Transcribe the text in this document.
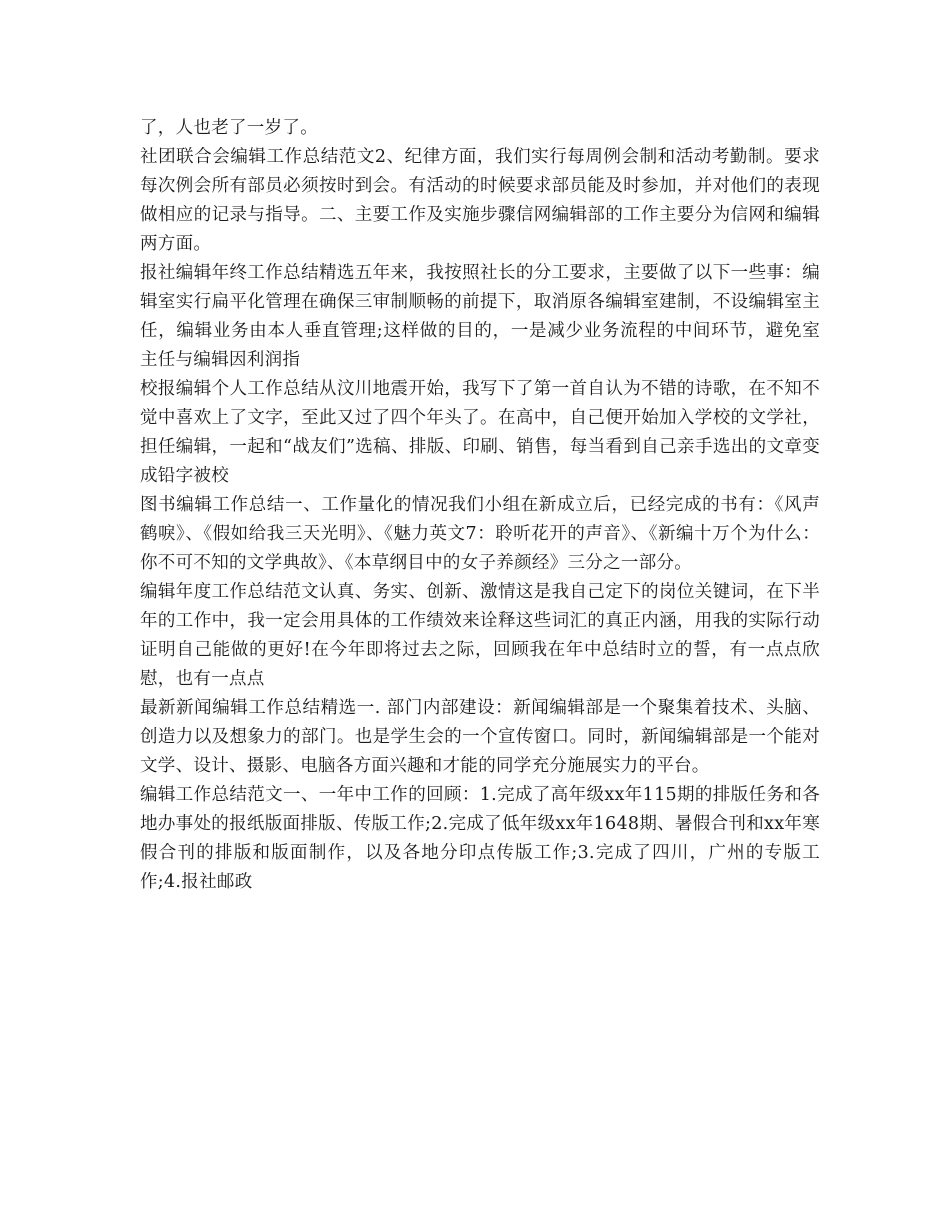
了，人也老了一岁了。

社团联合会编辑工作总结范文2、纪律方面，我们实行每周例会制和活动考勤制。要求每次例会所有部员必须按时到会。有活动的时候要求部员能及时参加，并对他们的表现做相应的记录与指导。二、主要工作及实施步骤信网编辑部的工作主要分为信网和编辑两方面。

报社编辑年终工作总结精选五年来，我按照社长的分工要求，主要做了以下一些事：编辑室实行扁平化管理在确保三审制顺畅的前提下，取消原各编辑室建制，不设编辑室主任，编辑业务由本人垂直管理;这样做的目的，一是减少业务流程的中间环节，避免室主任与编辑因利润指

校报编辑个人工作总结从汶川地震开始，我写下了第一首自认为不错的诗歌，在不知不觉中喜欢上了文字，至此又过了四个年头了。在高中，自己便开始加入学校的文学社，担任编辑，一起和“战友们”选稿、排版、印刷、销售，每当看到自己亲手选出的文章变成铅字被校

图书编辑工作总结一、工作量化的情况我们小组在新成立后，已经完成的书有：《风声鹤唳》、《假如给我三天光明》、《魅力英文7：聆听花开的声音》、《新编十万个为什么：你不可不知的文学典故》、《本草纲目中的女子养颜经》三分之一部分。

编辑年度工作总结范文认真、务实、创新、激情这是我自己定下的岗位关键词，在下半年的工作中，我一定会用具体的工作绩效来诠释这些词汇的真正内涵，用我的实际行动证明自己能做的更好!在今年即将过去之际，回顾我在年中总结时立的誓，有一点点欣慰，也有一点点

最新新闻编辑工作总结精选一. 部门内部建设：新闻编辑部是一个聚集着技术、头脑、创造力以及想象力的部门。也是学生会的一个宣传窗口。同时，新闻编辑部是一个能对文学、设计、摄影、电脑各方面兴趣和才能的同学充分施展实力的平台。

编辑工作总结范文一、一年中工作的回顾：1.完成了高年级xx年115期的排版任务和各地办事处的报纸版面排版、传版工作;2.完成了低年级xx年1648期、暑假合刊和xx年寒假合刊的排版和版面制作，以及各地分印点传版工作;3.完成了四川，广州的专版工作;4.报社邮政
